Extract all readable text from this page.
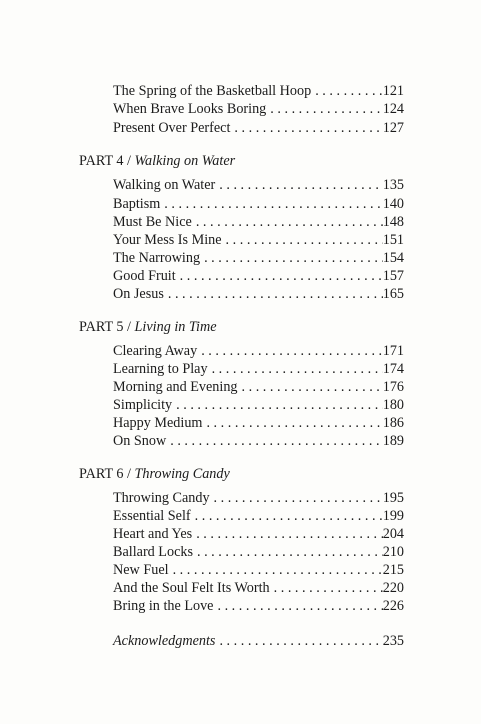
The Spring of the Basketball Hoop . . .	121
When Brave Looks Boring . . .	124
Present Over Perfect . . .	127
PART 4 / Walking on Water
Walking on Water . . .	135
Baptism . . .	140
Must Be Nice . . .	148
Your Mess Is Mine . . .	151
The Narrowing . . .	154
Good Fruit . . .	157
On Jesus . . .	165
PART 5 / Living in Time
Clearing Away . . .	171
Learning to Play . . .	174
Morning and Evening . . .	176
Simplicity . . .	180
Happy Medium . . .	186
On Snow . . .	189
PART 6 / Throwing Candy
Throwing Candy . . .	195
Essential Self . . .	199
Heart and Yes . . .	204
Ballard Locks . . .	210
New Fuel . . .	215
And the Soul Felt Its Worth . . .	220
Bring in the Love . . .	226
Acknowledgments . . .	235
